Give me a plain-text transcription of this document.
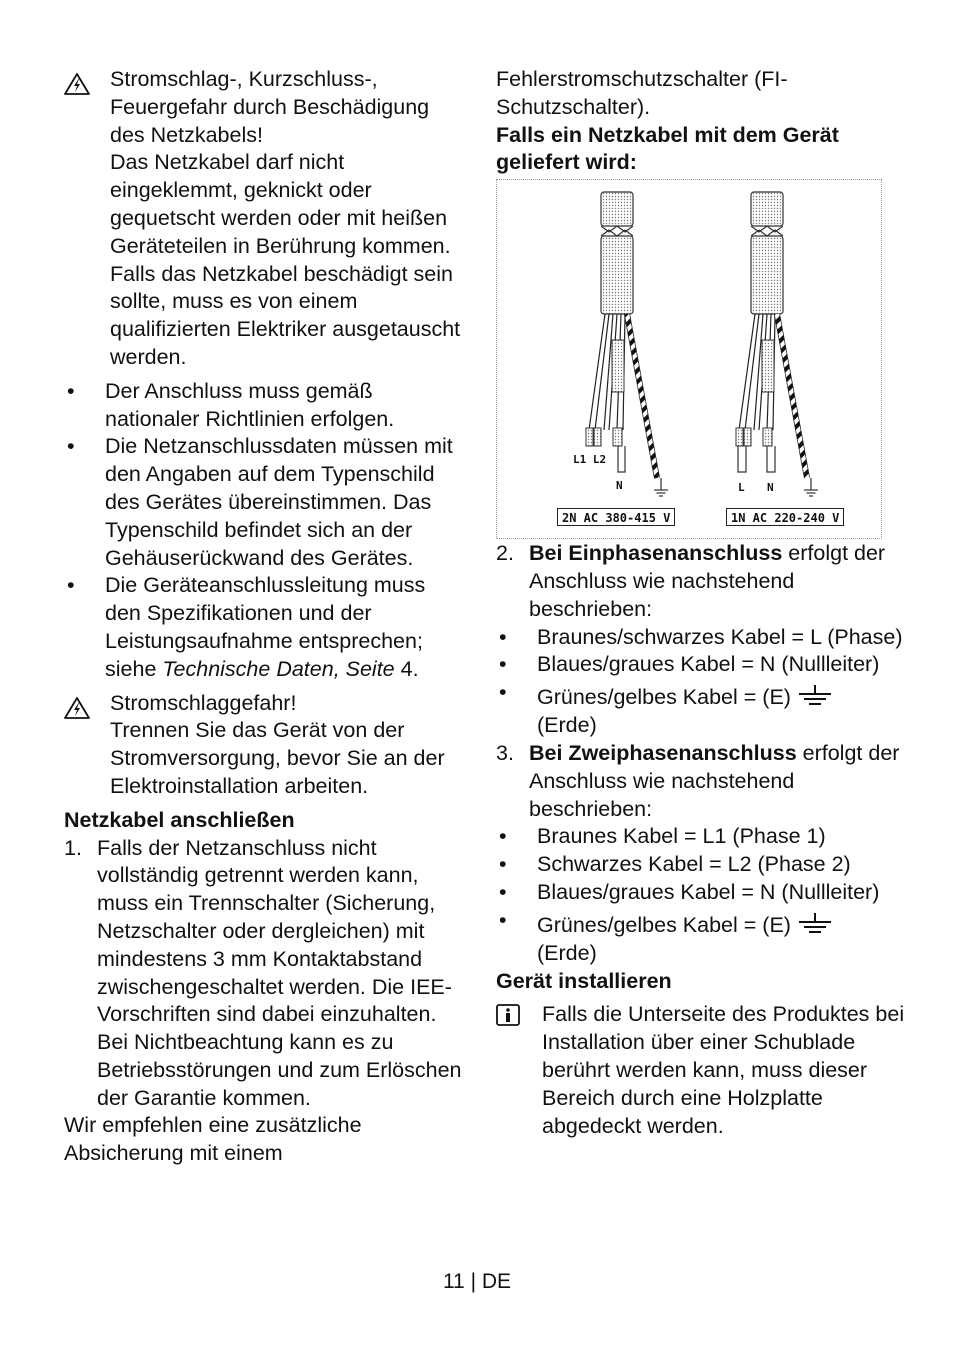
Stromschlag-, Kurzschluss-,

Feuergefahr durch Beschädigung

des Netzkabels!

Das Netzkabel darf nicht eingeklemmt, geknickt oder gequetscht werden oder mit heißen Geräteteilen in Berührung kommen.

Falls das Netzkabel beschädigt sein sollte, muss es von einem qualifizierten Elektriker ausgetauscht werden.

• Der Anschluss muss gemäß nationaler Richtlinien erfolgen.
• Die Netzanschlussdaten müssen mit den Angaben auf dem Typenschild des Gerätes übereinstimmen. Das Typenschild befindet sich an der Gehäuserückwand des Gerätes.
• Die Geräteanschlussleitung muss den Spezifikationen und der Leistungsaufnahme entsprechen; siehe Technische Daten, Seite 4.

Stromschlaggefahr!

Trennen Sie das Gerät von der Stromversorgung, bevor Sie an der Elektroinstallation arbeiten.

Netzkabel anschließen

1. Falls der Netzanschluss nicht vollständig getrennt werden kann, muss ein Trennschalter (Sicherung, Netzschalter oder dergleichen) mit mindestens 3 mm Kontaktabstand zwischengeschaltet werden. Die IEE-Vorschriften sind dabei einzuhalten. Bei Nichtbeachtung kann es zu Betriebsstörungen und zum Erlöschen der Garantie kommen.

Wir empfehlen eine zusätzliche Absicherung mit einem

Fehlerstromschutzschalter (FI-Schutzschalter).

Falls ein Netzkabel mit dem Gerät geliefert wird:

L1 L2
N	L N
2N AC 380-415 V	1N AC 220-240 V
2. Bei Einphasenanschluss erfolgt der Anschluss wie nachstehend beschrieben:
• Braunes/schwarzes Kabel = L (Phase)
• Blaues/graues Kabel = N (Nullleiter)
• Grünes/gelbes Kabel = (E)
(Erde)
3. Bei Zweiphasenanschluss erfolgt der Anschluss wie nachstehend beschrieben:
• Braunes Kabel = L1 (Phase 1)
• Schwarzes Kabel = L2 (Phase 2)
• Blaues/graues Kabel = N (Nullleiter)
• Grünes/gelbes Kabel = (E)
(Erde)

Gerät installieren

Falls die Unterseite des Produktes bei Installation über einer Schublade berührt werden kann, muss dieser Bereich durch eine Holzplatte abgedeckt werden.

11 | DE
